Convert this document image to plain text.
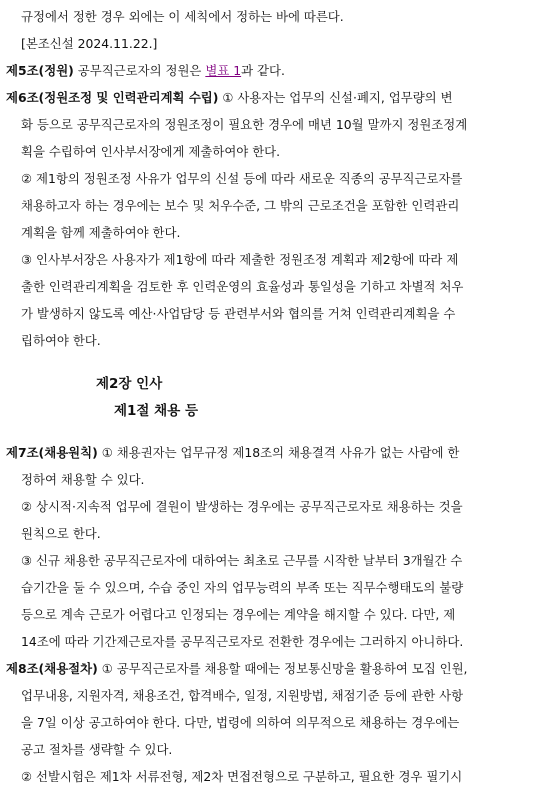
규정에서 정한 경우 외에는 이 세칙에서 정하는 바에 따른다.
[본조신설 2024.11.22.]
제5조(정원) 공무직근로자의 정원은 별표 1과 같다.
제6조(정원조정 및 인력관리계획 수립) ① 사용자는 업무의 신설·폐지, 업무량의 변
화 등으로 공무직근로자의 정원조정이 필요한 경우에 매년 10월 말까지 정원조정계
획을 수립하여 인사부서장에게 제출하여야 한다.
② 제1항의 정원조정 사유가 업무의 신설 등에 따라 새로운 직종의 공무직근로자를
채용하고자 하는 경우에는 보수 및 처우수준, 그 밖의 근로조건을 포함한 인력관리
계획을 함께 제출하여야 한다.
③ 인사부서장은 사용자가 제1항에 따라 제출한 정원조정 계획과 제2항에 따라 제
출한 인력관리계획을 검토한 후 인력운영의 효율성과 통일성을 기하고 차별적 처우
가 발생하지 않도록 예산·사업담당 등 관련부서와 협의를 거쳐 인력관리계획을 수
립하여야 한다.
제2장 인사
제1절 채용 등
제7조(채용원칙) ① 채용권자는 업무규정 제18조의 채용결격 사유가 없는 사람에 한
정하여 채용할 수 있다.
② 상시적·지속적 업무에 결원이 발생하는 경우에는 공무직근로자로 채용하는 것을
원칙으로 한다.
③ 신규 채용한 공무직근로자에 대하여는 최초로 근무를 시작한 날부터 3개월간 수
습기간을 둘 수 있으며, 수습 중인 자의 업무능력의 부족 또는 직무수행태도의 불량
등으로 계속 근로가 어렵다고 인정되는 경우에는 계약을 해지할 수 있다. 다만, 제
14조에 따라 기간제근로자를 공무직근로자로 전환한 경우에는 그러하지 아니하다.
제8조(채용절차) ① 공무직근로자를 채용할 때에는 정보통신망을 활용하여 모집 인원,
업무내용, 지원자격, 채용조건, 합격배수, 일정, 지원방법, 채점기준 등에 관한 사항
을 7일 이상 공고하여야 한다. 다만, 법령에 의하여 의무적으로 채용하는 경우에는
공고 절차를 생략할 수 있다.
② 선발시험은 제1차 서류전형, 제2차 면접전형으로 구분하고, 필요한 경우 필기시
